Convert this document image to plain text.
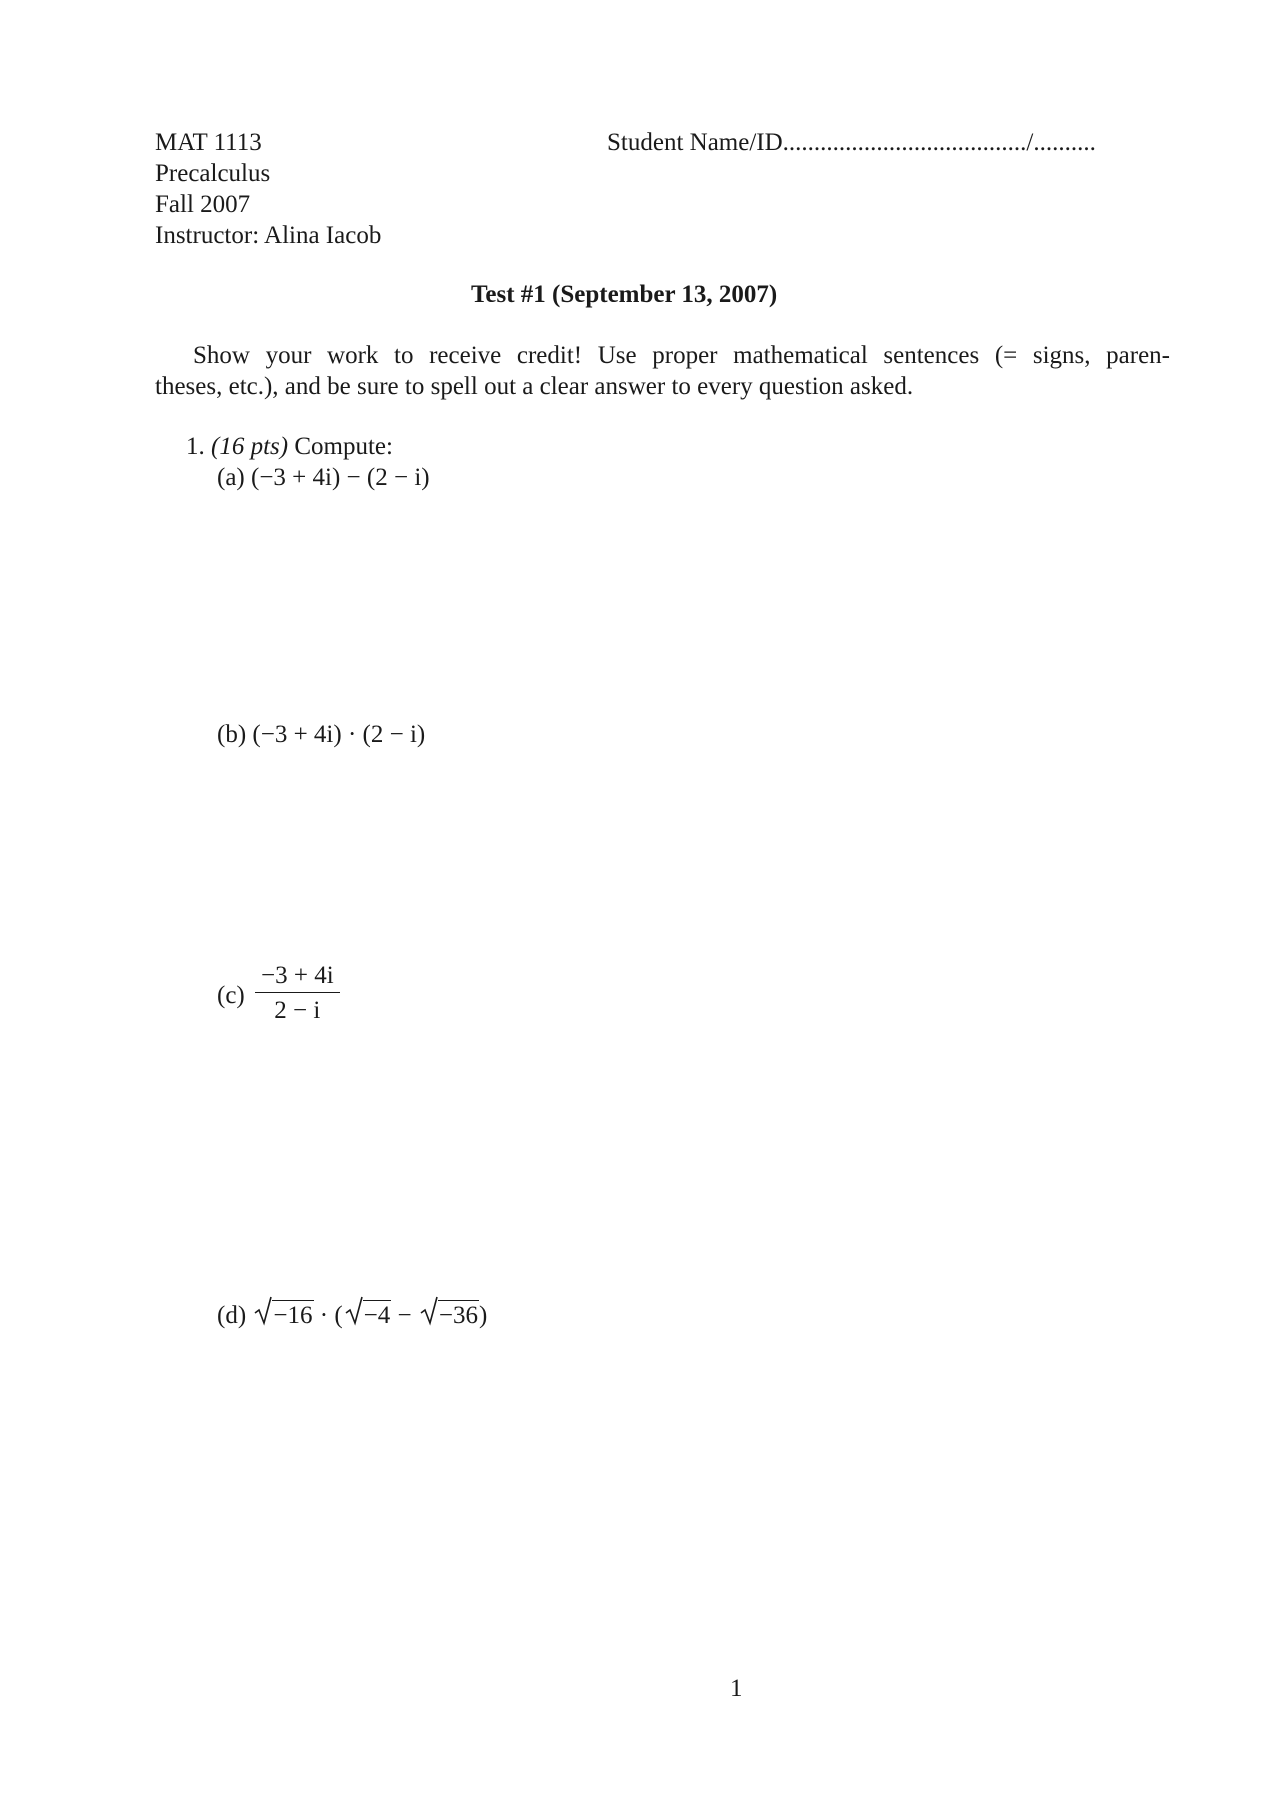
MAT 1113
Precalculus
Fall 2007
Instructor: Alina Iacob
Student Name/ID......................................./..........
Test #1 (September 13, 2007)
Show your work to receive credit! Use proper mathematical sentences (= signs, paren-
theses, etc.), and be sure to spell out a clear answer to every question asked.
1. (16 pts) Compute:
(a) (−3 + 4i) − (2 − i)
(b) (−3 + 4i) · (2 − i)
$(c) \frac{-3 + 4i}{2 - i}$
(d) −16 · ( −4 − −36)
1
